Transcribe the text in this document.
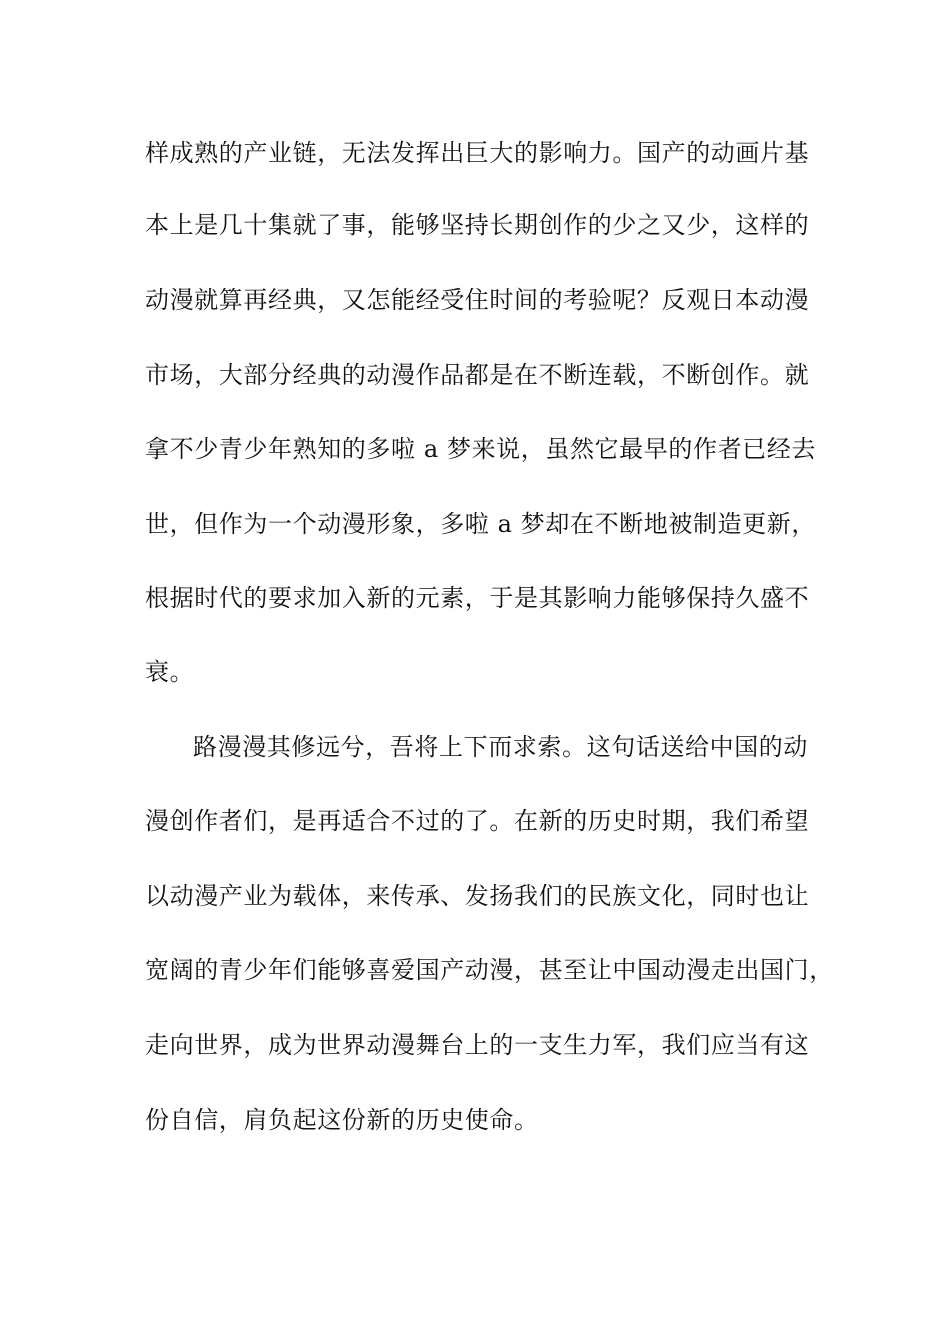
样成熟的产业链，无法发挥出巨大的影响力。国产的动画片基
本上是几十集就了事，能够坚持长期创作的少之又少，这样的
动漫就算再经典，又怎能经受住时间的考验呢？反观日本动漫
市场，大部分经典的动漫作品都是在不断连载，不断创作。就
拿不少青少年熟知的多啦 a 梦来说，虽然它最早的作者已经去
世，但作为一个动漫形象，多啦 a 梦却在不断地被制造更新，
根据时代的要求加入新的元素，于是其影响力能够保持久盛不
衰。
路漫漫其修远兮，吾将上下而求索。这句话送给中国的动
漫创作者们，是再适合不过的了。在新的历史时期，我们希望
以动漫产业为载体，来传承、发扬我们的民族文化，同时也让
宽阔的青少年们能够喜爱国产动漫，甚至让中国动漫走出国门，
走向世界，成为世界动漫舞台上的一支生力军，我们应当有这
份自信，肩负起这份新的历史使命。
